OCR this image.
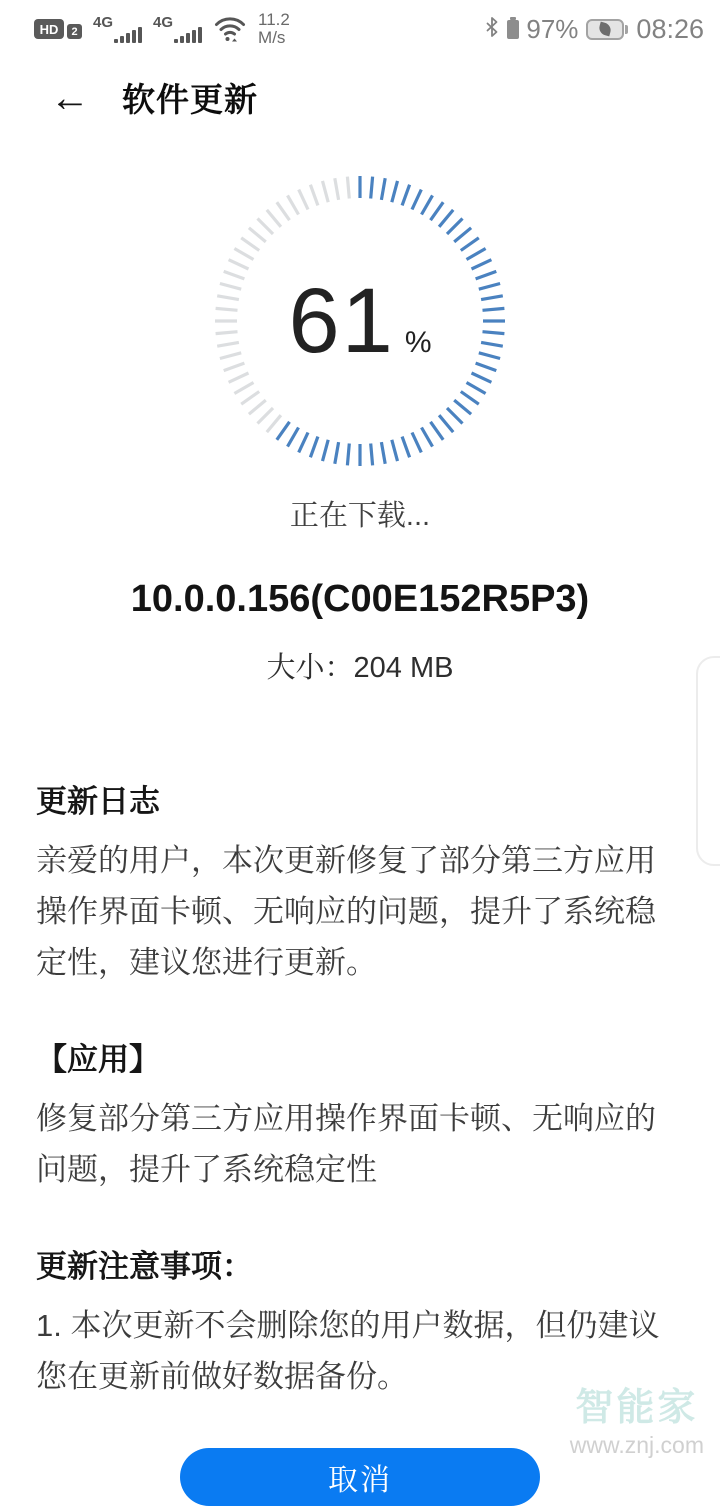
HD	2
4G	4G	11.2
M/s	97% 08:26
← 软件更新
61 %
正在下载...
10.0.0.156(C00E152R5P3)
大小：204 MB
更新日志

亲爱的用户，本次更新修复了部分第三方应用操作界面卡顿、无响应的问题，提升了系统稳定性，建议您进行更新。

【应用】

修复部分第三方应用操作界面卡顿、无响应的问题，提升了系统稳定性

更新注意事项：

1. 本次更新不会删除您的用户数据，但仍建议您在更新前做好数据备份。

取消
智能家
www.znj.com
